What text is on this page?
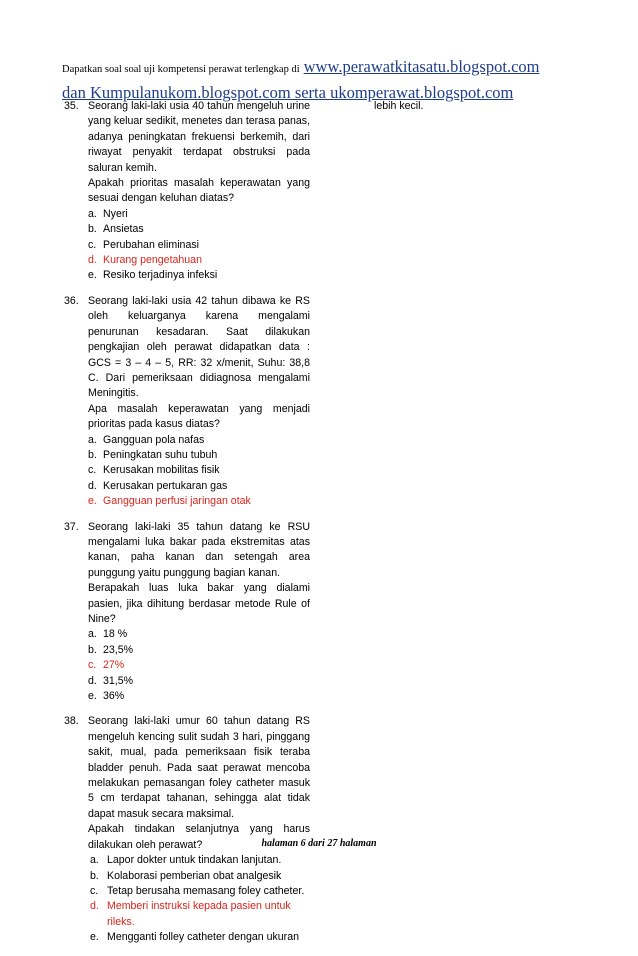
Dapatkan soal soal uji kompetensi perawat terlengkap di www.perawatkitasatu.blogspot.com
dan Kumpulanukom.blogspot.com serta ukomperawat.blogspot.com
35. Seorang laki-laki usia 40 tahun mengeluh urine yang keluar sedikit, menetes dan terasa panas, adanya peningkatan frekuensi berkemih, dari riwayat penyakit terdapat obstruksi pada saluran kemih.
Apakah prioritas masalah keperawatan yang sesuai dengan keluhan diatas?
a. Nyeri
b. Ansietas
c. Perubahan eliminasi
d. Kurang pengetahuan
e. Resiko terjadinya infeksi
36. Seorang laki-laki usia 42 tahun dibawa ke RS oleh keluarganya karena mengalami penurunan kesadaran. Saat dilakukan pengkajian oleh perawat didapatkan data : GCS = 3 – 4 – 5, RR: 32 x/menit, Suhu: 38,8 C. Dari pemeriksaan didiagnosa mengalami Meningitis.
Apa masalah keperawatan yang menjadi prioritas pada kasus diatas?
a. Gangguan pola nafas
b. Peningkatan suhu tubuh
c. Kerusakan mobilitas fisik
d. Kerusakan pertukaran gas
e. Gangguan perfusi jaringan otak
37. Seorang laki-laki 35 tahun datang ke RSU mengalami luka bakar pada ekstremitas atas kanan, paha kanan dan setengah area punggung yaitu punggung bagian kanan.
Berapakah luas luka bakar yang dialami pasien, jika dihitung berdasar metode Rule of Nine?
a. 18 %
b. 23,5%
c. 27%
d. 31,5%
e. 36%
38. Seorang laki-laki umur 60 tahun datang RS mengeluh kencing sulit sudah 3 hari, pinggang sakit, mual, pada pemeriksaan fisik teraba bladder penuh. Pada saat perawat mencoba melakukan pemasangan foley catheter masuk 5 cm terdapat tahanan, sehingga alat tidak dapat masuk secara maksimal.
Apakah tindakan selanjutnya yang harus dilakukan oleh perawat?
a. Lapor dokter untuk tindakan lanjutan.
b. Kolaborasi pemberian obat analgesik
c. Tetap berusaha memasang foley catheter.
d. Memberi instruksi kepada pasien untuk rileks.
e. Mengganti folley catheter dengan ukuran
lebih kecil.
halaman 6 dari 27 halaman
